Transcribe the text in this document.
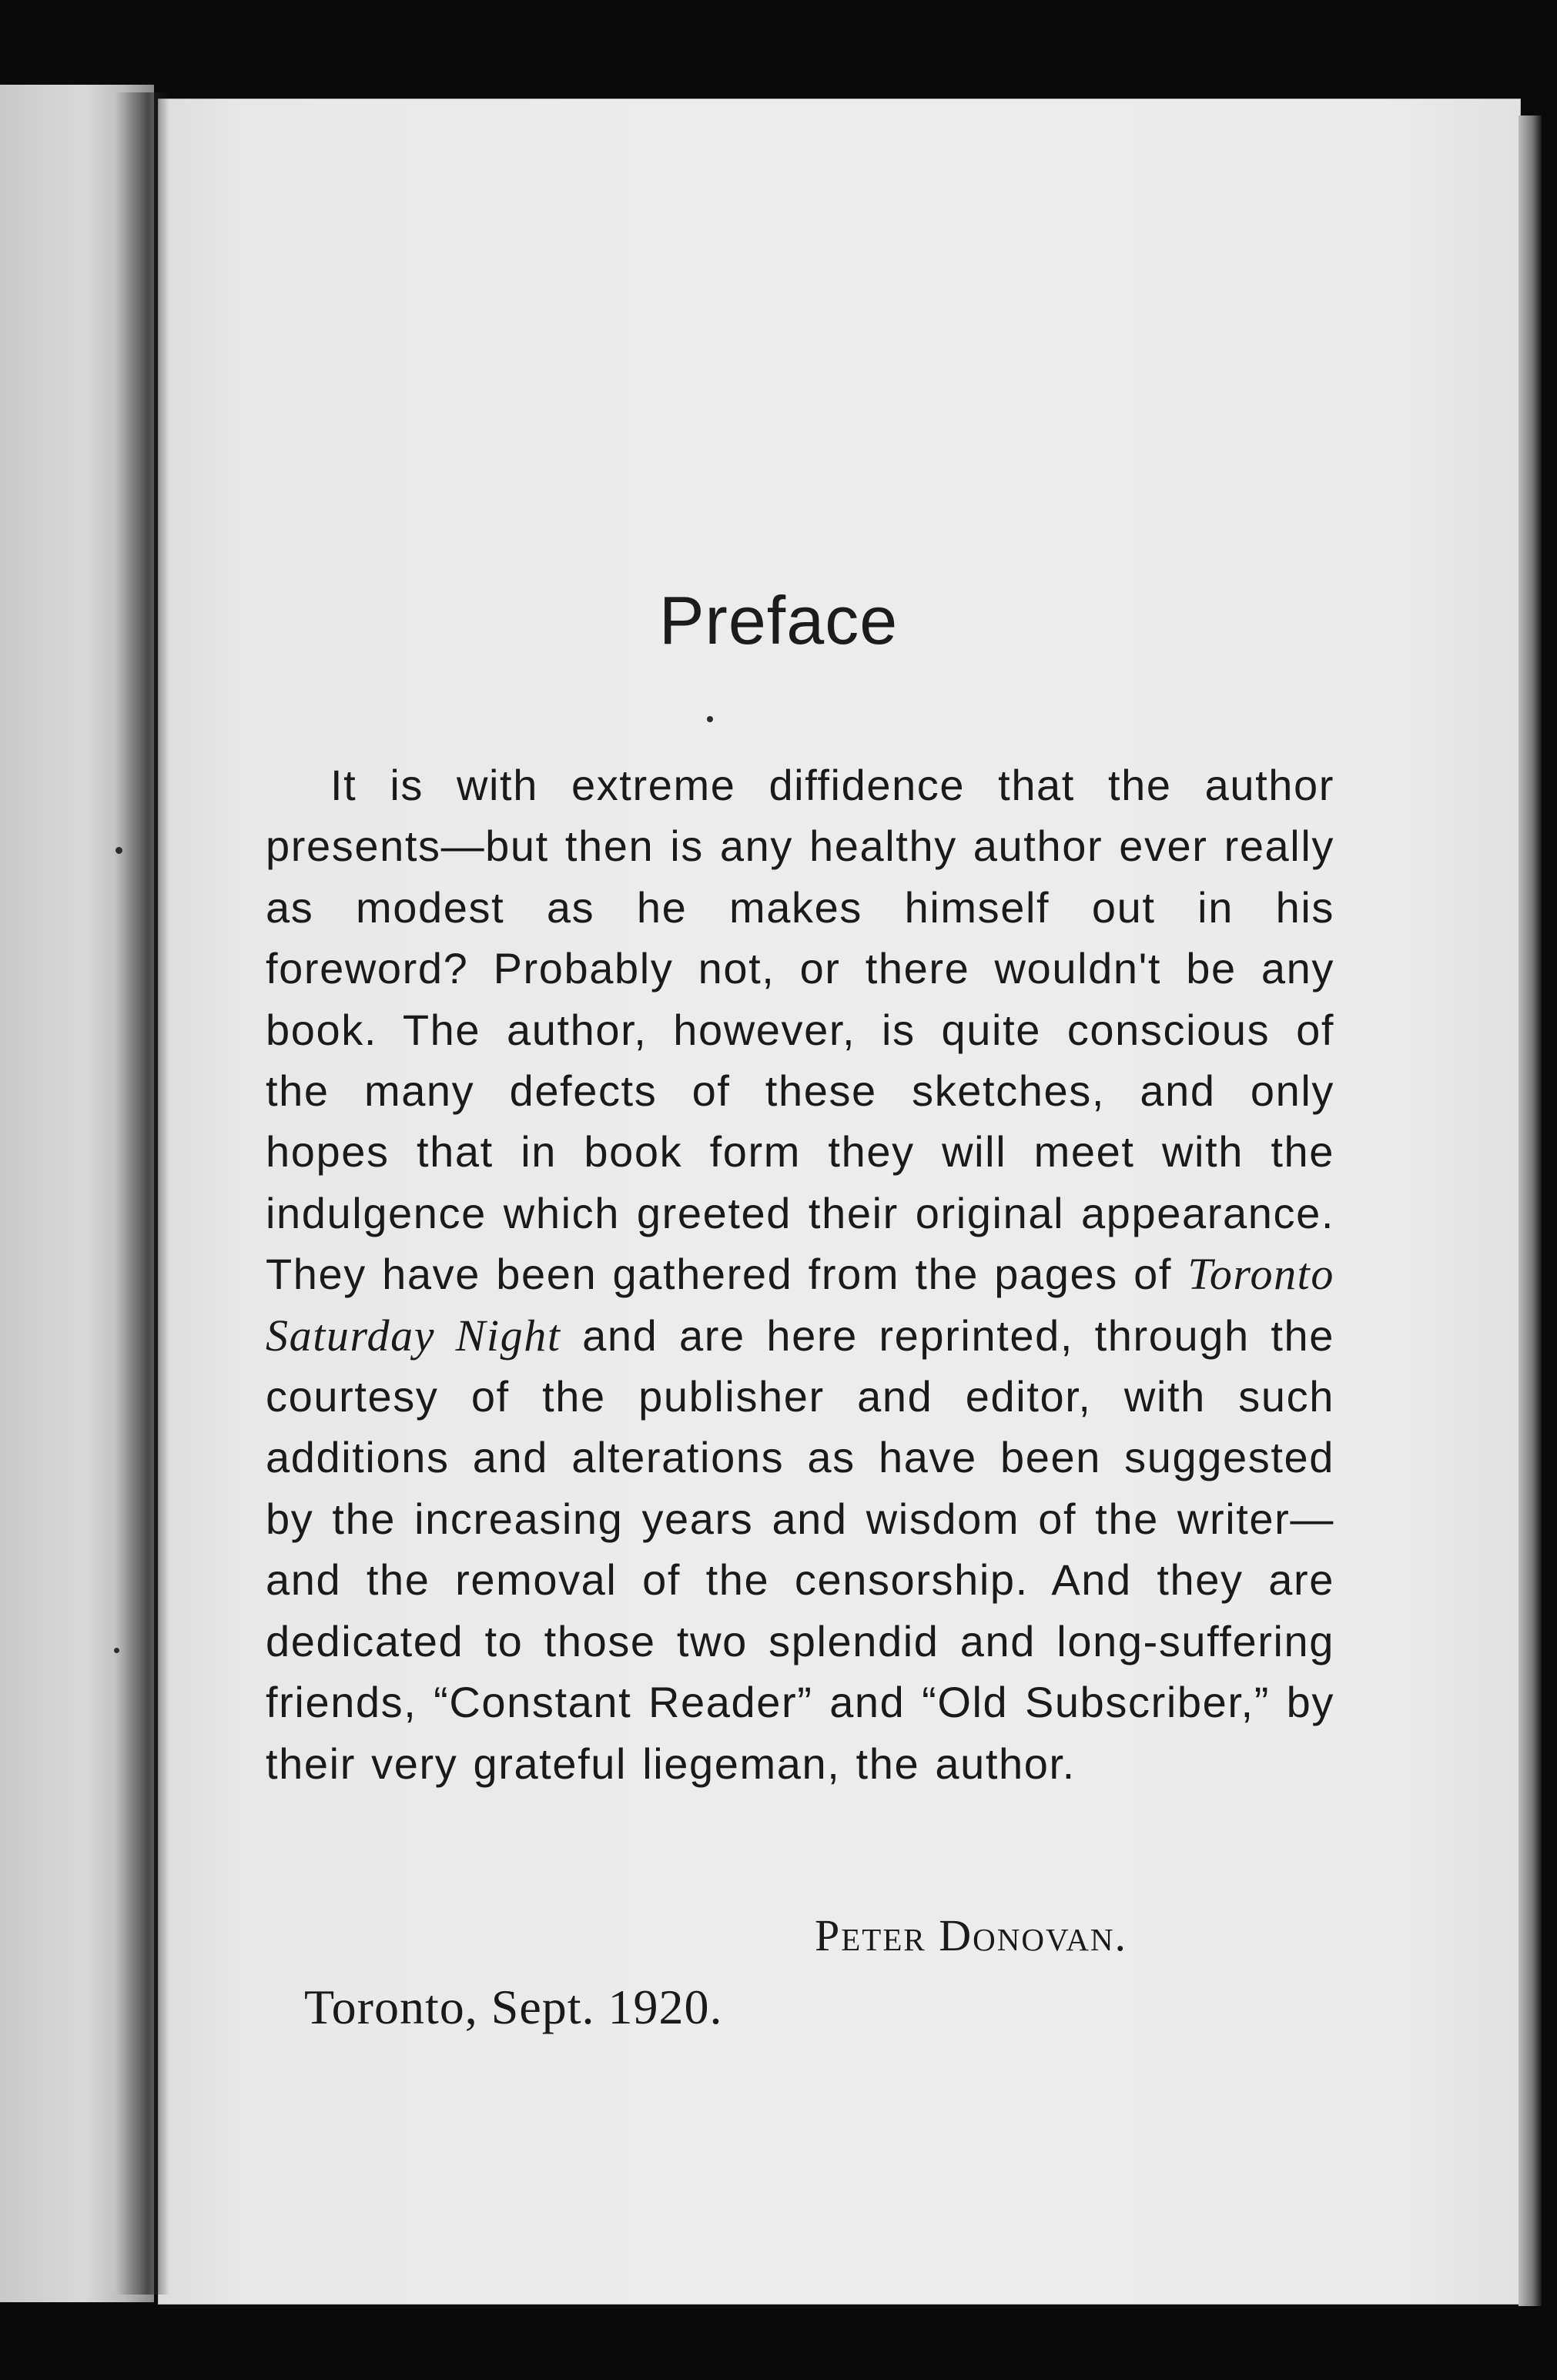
Preface
It is with extreme diffidence that the author presents—but then is any healthy author ever really as modest as he makes himself out in his foreword? Probably not, or there wouldn't be any book. The author, however, is quite conscious of the many defects of these sketches, and only hopes that in book form they will meet with the indulgence which greeted their original appearance. They have been gathered from the pages of Toronto Saturday Night and are here reprinted, through the courtesy of the publisher and editor, with such additions and alterations as have been suggested by the increasing years and wisdom of the writer—and the removal of the censorship. And they are dedicated to those two splendid and long-suffering friends, “Constant Reader” and “Old Subscriber,” by their very grateful liegeman, the author.
Peter Donovan.
Toronto, Sept. 1920.
